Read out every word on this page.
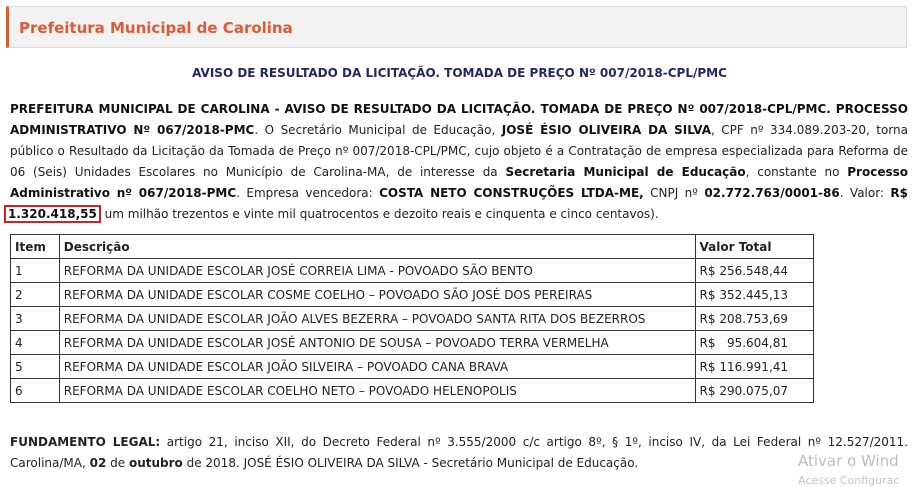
Prefeitura Municipal de Carolina
AVISO DE RESULTADO DA LICITAÇÃO. TOMADA DE PREÇO Nº 007/2018-CPL/PMC
PREFEITURA MUNICIPAL DE CAROLINA - AVISO DE RESULTADO DA LICITAÇÃO. TOMADA DE PREÇO Nº 007/2018-CPL/PMC. PROCESSO ADMINISTRATIVO Nº 067/2018-PMC. O Secretário Municipal de Educação, JOSÉ ÉSIO OLIVEIRA DA SILVA, CPF nº 334.089.203-20, torna público o Resultado da Licitação da Tomada de Preço nº 007/2018-CPL/PMC, cujo objeto é a Contratação de empresa especializada para Reforma de 06 (Seis) Unidades Escolares no Município de Carolina-MA, de interesse da Secretaria Municipal de Educação, constante no Processo Administrativo nº 067/2018-PMC. Empresa vencedora: COSTA NETO CONSTRUÇÕES LTDA-ME, CNPJ nº 02.772.763/0001-86. Valor: R$ 1.320.418,55 um milhão trezentos e vinte mil quatrocentos e dezoito reais e cinquenta e cinco centavos).
Item	Descrição	Valor Total
1	REFORMA DA UNIDADE ESCOLAR JOSÉ CORREIA LIMA - POVOADO SÃO BENTO	R$ 256.548,44
2	REFORMA DA UNIDADE ESCOLAR COSME COELHO – POVOADO SÃO JOSÉ DOS PEREIRAS	R$ 352.445,13
3	REFORMA DA UNIDADE ESCOLAR JOÃO ALVES BEZERRA – POVOADO SANTA RITA DOS BEZERROS	R$ 208.753,69
4	REFORMA DA UNIDADE ESCOLAR JOSÉ ANTONIO DE SOUSA – POVOADO TERRA VERMELHA	R$   95.604,81
5	REFORMA DA UNIDADE ESCOLAR JOÃO SILVEIRA – POVOADO CANA BRAVA	R$ 116.991,41
6	REFORMA DA UNIDADE ESCOLAR COELHO NETO – POVOADO HELENOPOLIS	R$ 290.075,07
FUNDAMENTO LEGAL: artigo 21, inciso XII, do Decreto Federal nº 3.555/2000 c/c artigo 8º, § 1º, inciso IV, da Lei Federal nº 12.527/2011. Carolina/MA, 02 de outubro de 2018. JOSÉ ÉSIO OLIVEIRA DA SILVA - Secretário Municipal de Educação.	Ativar o Wind
Acesse Configurac
